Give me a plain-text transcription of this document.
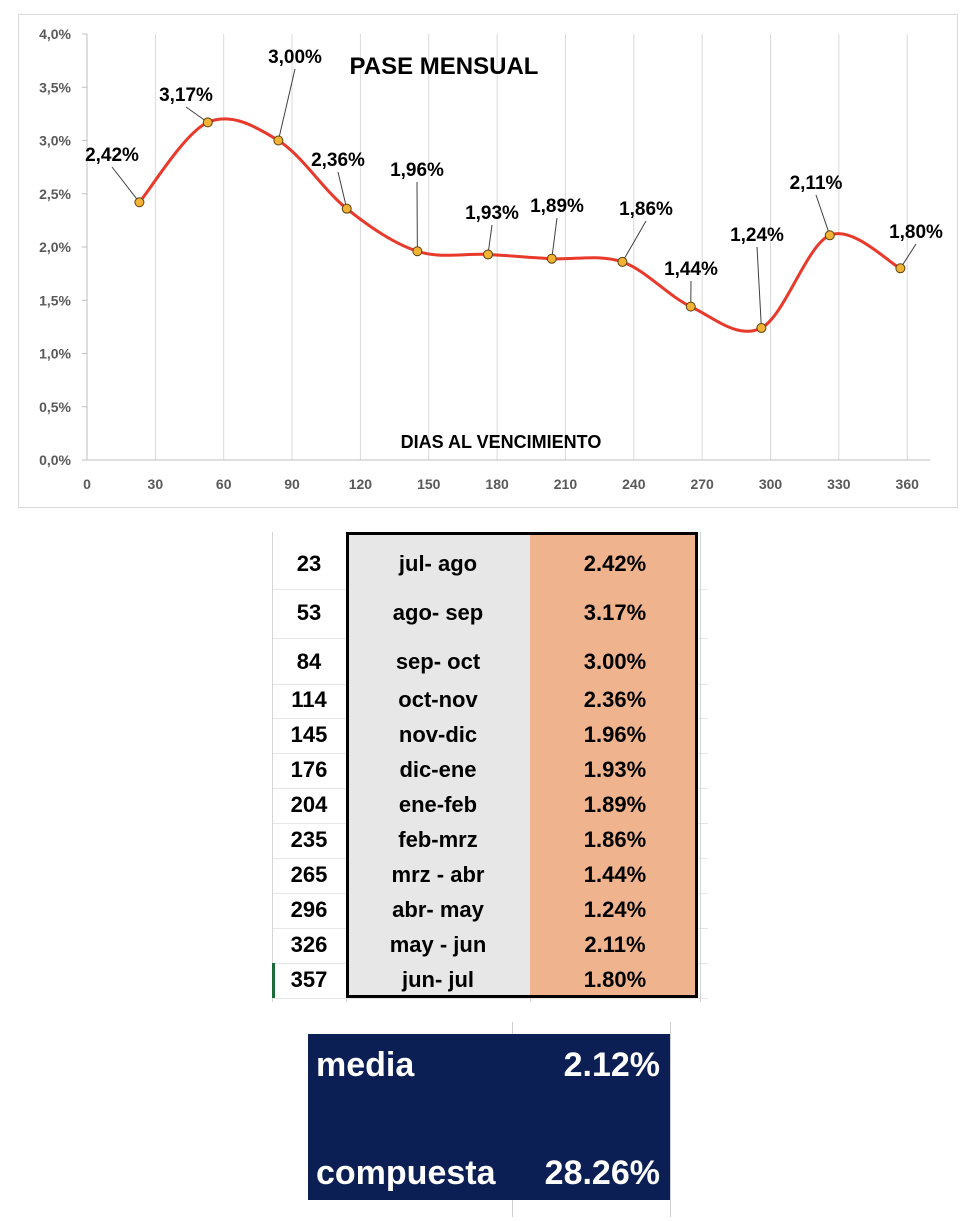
0	30	60	90	120	150	180	210	240	270	300	330	360
0,0%
0,5%
1,0%
1,5%
2,0%
2,5%
3,0%
3,5%
4,0%
2,42%
3,17%
3,00%
2,36% 1,96%
1,93% 1,89% 1,86%
1,44%
1,24%
2,11%
1,80%
PASE MENSUAL
DIAS AL VENCIMIENTO
23	jul- ago	2.42%
53	ago- sep	3.17%
84	sep- oct	3.00%
114	oct-nov	2.36%
145	nov-dic	1.96%
176	dic-ene	1.93%
204	ene-feb	1.89%
235	feb-mrz	1.86%
265	mrz - abr	1.44%
296	abr- may	1.24%
326	may - jun	2.11%
357	jun- jul	1.80%
media	2.12%
compuesta 28.26%
